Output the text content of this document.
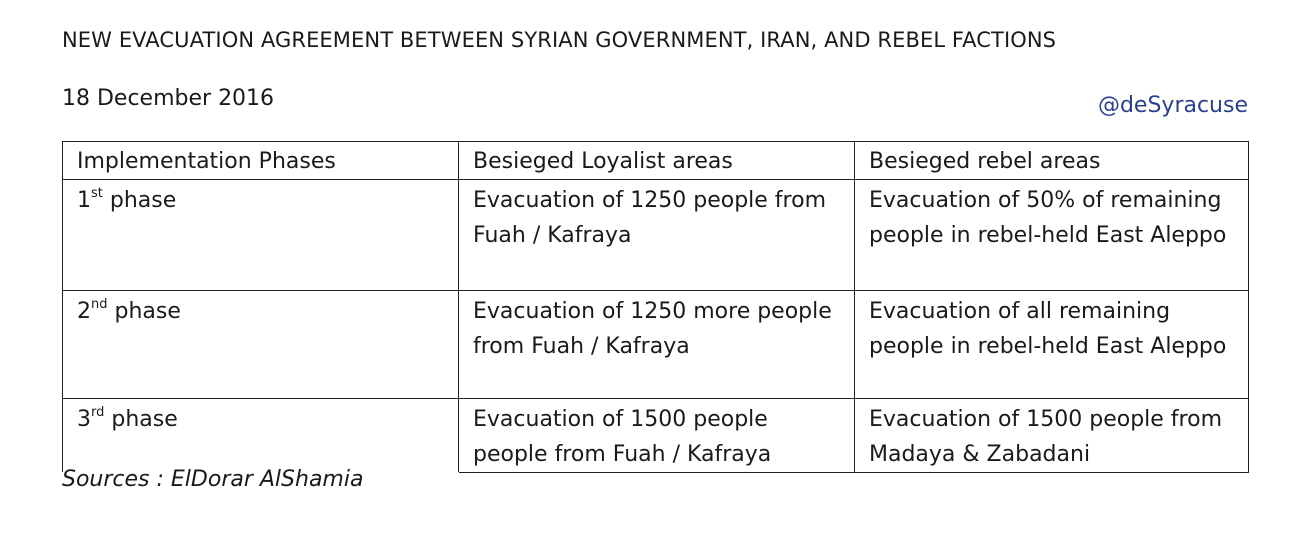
NEW EVACUATION AGREEMENT BETWEEN SYRIAN GOVERNMENT, IRAN, AND REBEL FACTIONS
18 December 2016	@deSyracuse
Implementation Phases	Besieged Loyalist areas	Besieged rebel areas
1st phase	Evacuation of 1250 people from Fuah / Kafraya	Evacuation of 50% of remaining people in rebel-held East Aleppo
2nd phase	Evacuation of 1250 more people from Fuah / Kafraya	Evacuation of all remaining people in rebel-held East Aleppo
3rd phase	Evacuation of 1500 people people from Fuah / Kafraya	Evacuation of 1500 people from Madaya & Zabadani
Sources : ElDorar AlShamia
